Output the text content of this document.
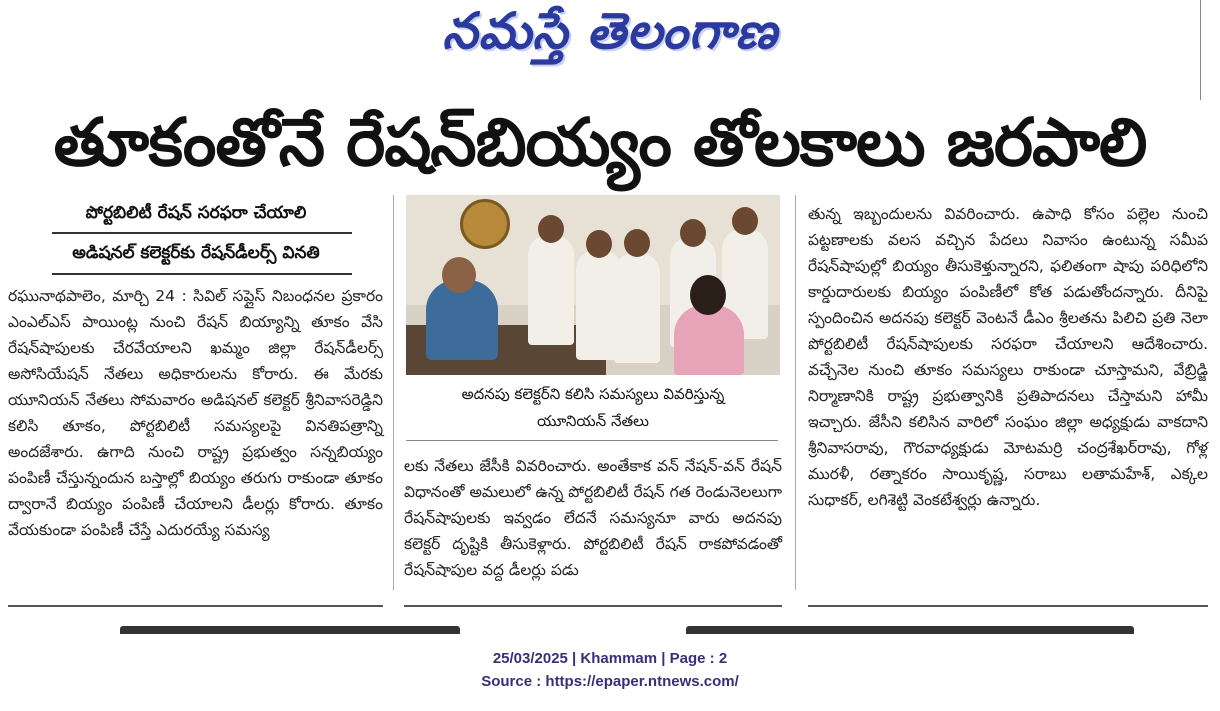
నమస్తే తెలంగాణ
తూకంతోనే రేషన్‌బియ్యం తోలకాలు జరపాలి
పోర్టబిలిటీ రేషన్ సరఫరా చేయాలి
అడిషనల్ కలెక్టర్‌కు రేషన్‌డీలర్స్ వినతి

రఘునాథపాలెం, మార్చి 24 : సివిల్ సప్లైస్ నిబంధనల ప్రకారం ఎంఎల్ఎస్ పాయింట్ల నుంచి రేషన్ బియ్యాన్ని తూకం వేసి రేషన్‌షాపులకు చేరవేయాలని ఖమ్మం జిల్లా రేషన్‌డీలర్స్ అసోసియేషన్ నేతలు అధికారులను కోరారు. ఈ మేరకు యూనియన్ నేతలు సోమవారం అడిషనల్ కలెక్టర్ శ్రీనివాసరెడ్డిని కలిసి తూకం, పోర్టబిలిటీ సమస్యలపై వినతిపత్రాన్ని అందజేశారు. ఉగాది నుంచి రాష్ట్ర ప్రభుత్వం సన్నబియ్యం పంపిణీ చేస్తున్నందున బస్తాల్లో బియ్యం తరుగు రాకుండా తూకం ద్వారానే బియ్యం పంపిణీ చేయాలని డీలర్లు కోరారు. తూకం వేయకుండా పంపిణీ చేస్తే ఎదురయ్యే సమస్య

అదనపు కలెక్టర్‌ని కలిసి సమస్యలు వివరిస్తున్న
యూనియన్ నేతలు

లకు నేతలు జేసీకి వివరించారు. అంతేకాక వన్ నేషన్-వన్ రేషన్ విధానంతో అమలులో ఉన్న పోర్టబిలిటీ రేషన్ గత రెండునెలలుగా రేషన్‌షాపులకు ఇవ్వడం లేదనే సమస్యనూ వారు అదనపు కలెక్టర్ దృష్టికి తీసుకెళ్లారు. పోర్టబిలిటీ రేషన్ రాకపోవడంతో రేషన్‌షాపుల వద్ద డీలర్లు పడు

తున్న ఇబ్బందులను వివరించారు. ఉపాధి కోసం పల్లెల నుంచి పట్టణాలకు వలస వచ్చిన పేదలు నివాసం ఉంటున్న సమీప రేషన్‌షాపుల్లో బియ్యం తీసుకెళ్తున్నారని, ఫలితంగా షాపు పరిధిలోని కార్డుదారులకు బియ్యం పంపిణీలో కోత పడుతోందన్నారు. దీనిపై స్పందించిన అదనపు కలెక్టర్ వెంటనే డీఎం శ్రీలతను పిలిచి ప్రతి నెలా పోర్టబిలిటీ రేషన్‌షాపులకు సరఫరా చేయాలని ఆదేశించారు. వచ్చేనెల నుంచి తూకం సమస్యలు రాకుండా చూస్తామని, వేబ్రిడ్జి నిర్మాణానికి రాష్ట్ర ప్రభుత్వానికి ప్రతిపాదనలు చేస్తామని హామీ ఇచ్చారు. జేసీని కలిసిన వారిలో సంఘం జిల్లా అధ్యక్షుడు వాకదాని శ్రీనివాసరావు, గౌరవాధ్యక్షుడు మోటమర్రి చంద్రశేఖర్‌రావు, గోళ్ల మురళీ, రత్నాకరం సాయికృష్ణ, సరాబు లతామహేశ్, ఎక్కల సుధాకర్, లగిశెట్టి వెంకటేశ్వర్లు ఉన్నారు.

25/03/2025 | Khammam | Page : 2
Source : https://epaper.ntnews.com/
